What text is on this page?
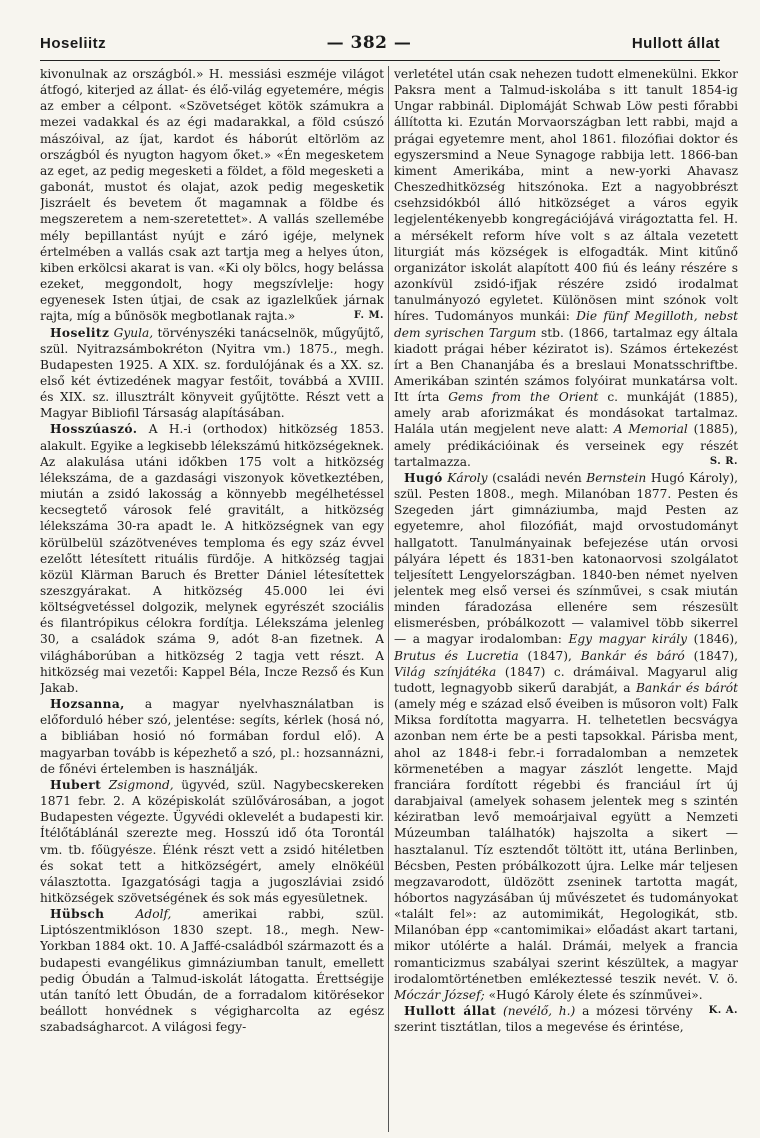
Hoseliitz	— 382 —	Hullott állat

kivonulnak az országból.» H. messiási eszméje világot átfogó, kiterjed az állat- és élő-világ egyetemére, mégis az ember a célpont. «Szövetséget kötök számukra a mezei vadakkal és az égi madarakkal, a föld csúszó mászóival, az íjat, kardot és háborút eltörlöm az országból és nyugton hagyom őket.» «Én megesketem az eget, az pedig megesketi a földet, a föld megesketi a gabonát, mustot és olajat, azok pedig megesketik Jiszráelt és bevetem őt magamnak a földbe és megszeretem a nem-szeretettet». A vallás szellemébe mély bepillantást nyújt e záró igéje, melynek értelmében a vallás csak azt tartja meg a helyes úton, kiben erkölcsi akarat is van. «Ki oly bölcs, hogy belássa ezeket, meggondolt, hogy megszívlelje: hogy egyenesek Isten útjai, de csak az igazlelkűek járnak rajta, míg a bűnösök megbotlanak rajta.»	F. M.

Hoselitz Gyula, törvényszéki tanácselnök, műgyűjtő, szül. Nyitrazsámbokréton (Nyitra vm.) 1875., megh. Budapesten 1925. A XIX. sz. fordulójának és a XX. sz. első két évtizedének magyar festőit, továbbá a XVIII. és XIX. sz. illusztrált könyveit gyűjtötte. Részt vett a Magyar Bibliofil Társaság alapításában.

Hosszúaszó. A H.-i (orthodox) hitközség 1853. alakult. Egyike a legkisebb lélekszámú hitközségeknek. Az alakulása utáni időkben 175 volt a hitközség lélekszáma, de a gazdasági viszonyok következtében, miután a zsidó lakosság a könnyebb megélhetéssel kecsegtető városok felé gravitált, a hitközség lélekszáma 30-ra apadt le. A hitközségnek van egy körülbelül százötvenéves temploma és egy száz évvel ezelőtt létesített rituális fürdője. A hitközség tagjai közül Klärman Baruch és Bretter Dániel létesítettek szeszgyárakat. A hitközség 45.000 lei évi költségvetéssel dolgozik, melynek egyrészét szociális és filantrópikus célokra fordítja. Lélekszáma jelenleg 30, a családok száma 9, adót 8-an fizetnek. A világháborúban a hitközség 2 tagja vett részt. A hitközség mai vezetői: Kappel Béla, Incze Rezső és Kun Jakab.

Hozsanna, a magyar nyelvhasználatban is előforduló héber szó, jelentése: segíts, kérlek (hosá nó, a bibliában hosió nó formában fordul elő). A magyarban tovább is képezhető a szó, pl.: hozsannázni, de főnévi értelemben is használják.

Hubert Zsigmond, ügyvéd, szül. Nagybecskereken 1871 febr. 2. A középiskolát szülővárosában, a jogot Budapesten végezte. Ügyvédi oklevelét a budapesti kir. Ítélőtáblánál szerezte meg. Hosszú idő óta Torontál vm. tb. főügyésze. Élénk részt vett a zsidó hitéletben és sokat tett a hitközségért, amely elnökéül választotta. Igazgatósági tagja a jugoszláviai zsidó hitközségek szövetségének és sok más egyesületnek.

Hübsch	Adolf, amerikai rabbi, szül. Liptószentmiklóson 1830 szept. 18., megh. New-Yorkban 1884 okt. 10. A Jaffé-családból származott és a budapesti evangélikus gimnáziumban tanult, emellett pedig Óbudán a Talmud-iskolát látogatta. Érettségije után tanító lett Óbudán, de a forradalom kitörésekor beállott honvédnek s végigharcolta az egész szabadságharcot. A világosi fegy-

verletétel után csak nehezen tudott elmenekülni. Ekkor Paksra ment a Talmud-iskolába s itt tanult 1854-ig Ungar rabbinál. Diplomáját Schwab Löw pesti főrabbi állította ki. Ezután Morvaországban lett rabbi, majd a prágai egyetemre ment, ahol 1861. filozófiai doktor és egyszersmind a Neue Synagoge rabbija lett. 1866-ban kiment Amerikába, mint a new-yorki Ahavasz Cheszedhitközség hitszónoka. Ezt a nagyobbrészt csehzsidókból álló hitközséget a város egyik legjelentékenyebb kongregációjává virágoztatta fel. H. a mérsékelt reform híve volt s az általa vezetett liturgiát más községek is elfogadták. Mint kitűnő organizátor iskolát alapított 400 fiú és leány részére s azonkívül zsidó-ifjak részére zsidó irodalmat tanulmányozó egyletet. Különösen mint szónok volt híres. Tudományos munkái: Die fünf Megilloth, nebst dem syrischen Targum stb. (1866, tartalmaz egy általa kiadott prágai héber kéziratot is). Számos értekezést írt a Ben Chananjába és a breslaui Monatsschriftbe. Amerikában szintén számos folyóirat munkatársa volt. Itt írta Gems from the Orient c. munkáját (1885), amely arab aforizmákat és mondásokat tartalmaz. Halála után megjelent neve alatt: A Memorial (1885), amely prédikációinak és verseinek egy részét tartalmazza.	S. R.

Hugó Károly (családi nevén Bernstein Hugó Károly), szül. Pesten 1808., megh. Milanóban 1877. Pesten és Szegeden járt gimnáziumba, majd Pesten az egyetemre, ahol filozófiát, majd orvostudományt hallgatott. Tanulmányainak befejezése után orvosi pályára lépett és 1831-ben katonaorvosi szolgálatot teljesített Lengyelországban. 1840-ben német nyelven jelentek meg első versei és színművei, s csak miután minden fáradozása ellenére sem részesült elismerésben, próbálkozott — valamivel több sikerrel — a magyar irodalomban: Egy magyar király (1846), Brutus és Lucretia (1847), Bankár és báró (1847), Világ színjátéka (1847) c. drámáival. Magyarul alig tudott, legnagyobb sikerű darabját, a Bankár és bárót (amely még e század első éveiben is műsoron volt) Falk Miksa fordította magyarra. H. telhetetlen becsvágya azonban nem érte be a pesti tapsokkal. Párisba ment, ahol az 1848-i febr.-i forradalomban a nemzetek körmenetében a magyar zászlót lengette. Majd franciára fordított régebbi és franciául írt új darabjaival (amelyek sohasem jelentek meg s szintén kéziratban levő memoárjaival együtt a Nemzeti Múzeumban találhatók) hajszolta a sikert — hasztalanul. Tíz esztendőt töltött itt, utána Berlinben, Bécsben, Pesten próbálkozott újra. Lelke már teljesen megzavarodott, üldözött zseninek tartotta magát, hóbortos nagyzásában új művészetet és tudományokat «talált fel»: az automimikát, Hegologikát, stb. Milanóban épp «cantomimikai» előadást akart tartani, mikor utólérte a halál. Drámái, melyek a francia romanticizmus szabályai szerint készültek, a magyar irodalomtörténetben emlékeztessé teszik nevét. V. ö. Móczár József; «Hugó Károly élete és színművei».
K. A.

Hullott állat (nevélő, h.) a mózesi törvény szerint tisztátlan, tilos a megevése és érintése,
